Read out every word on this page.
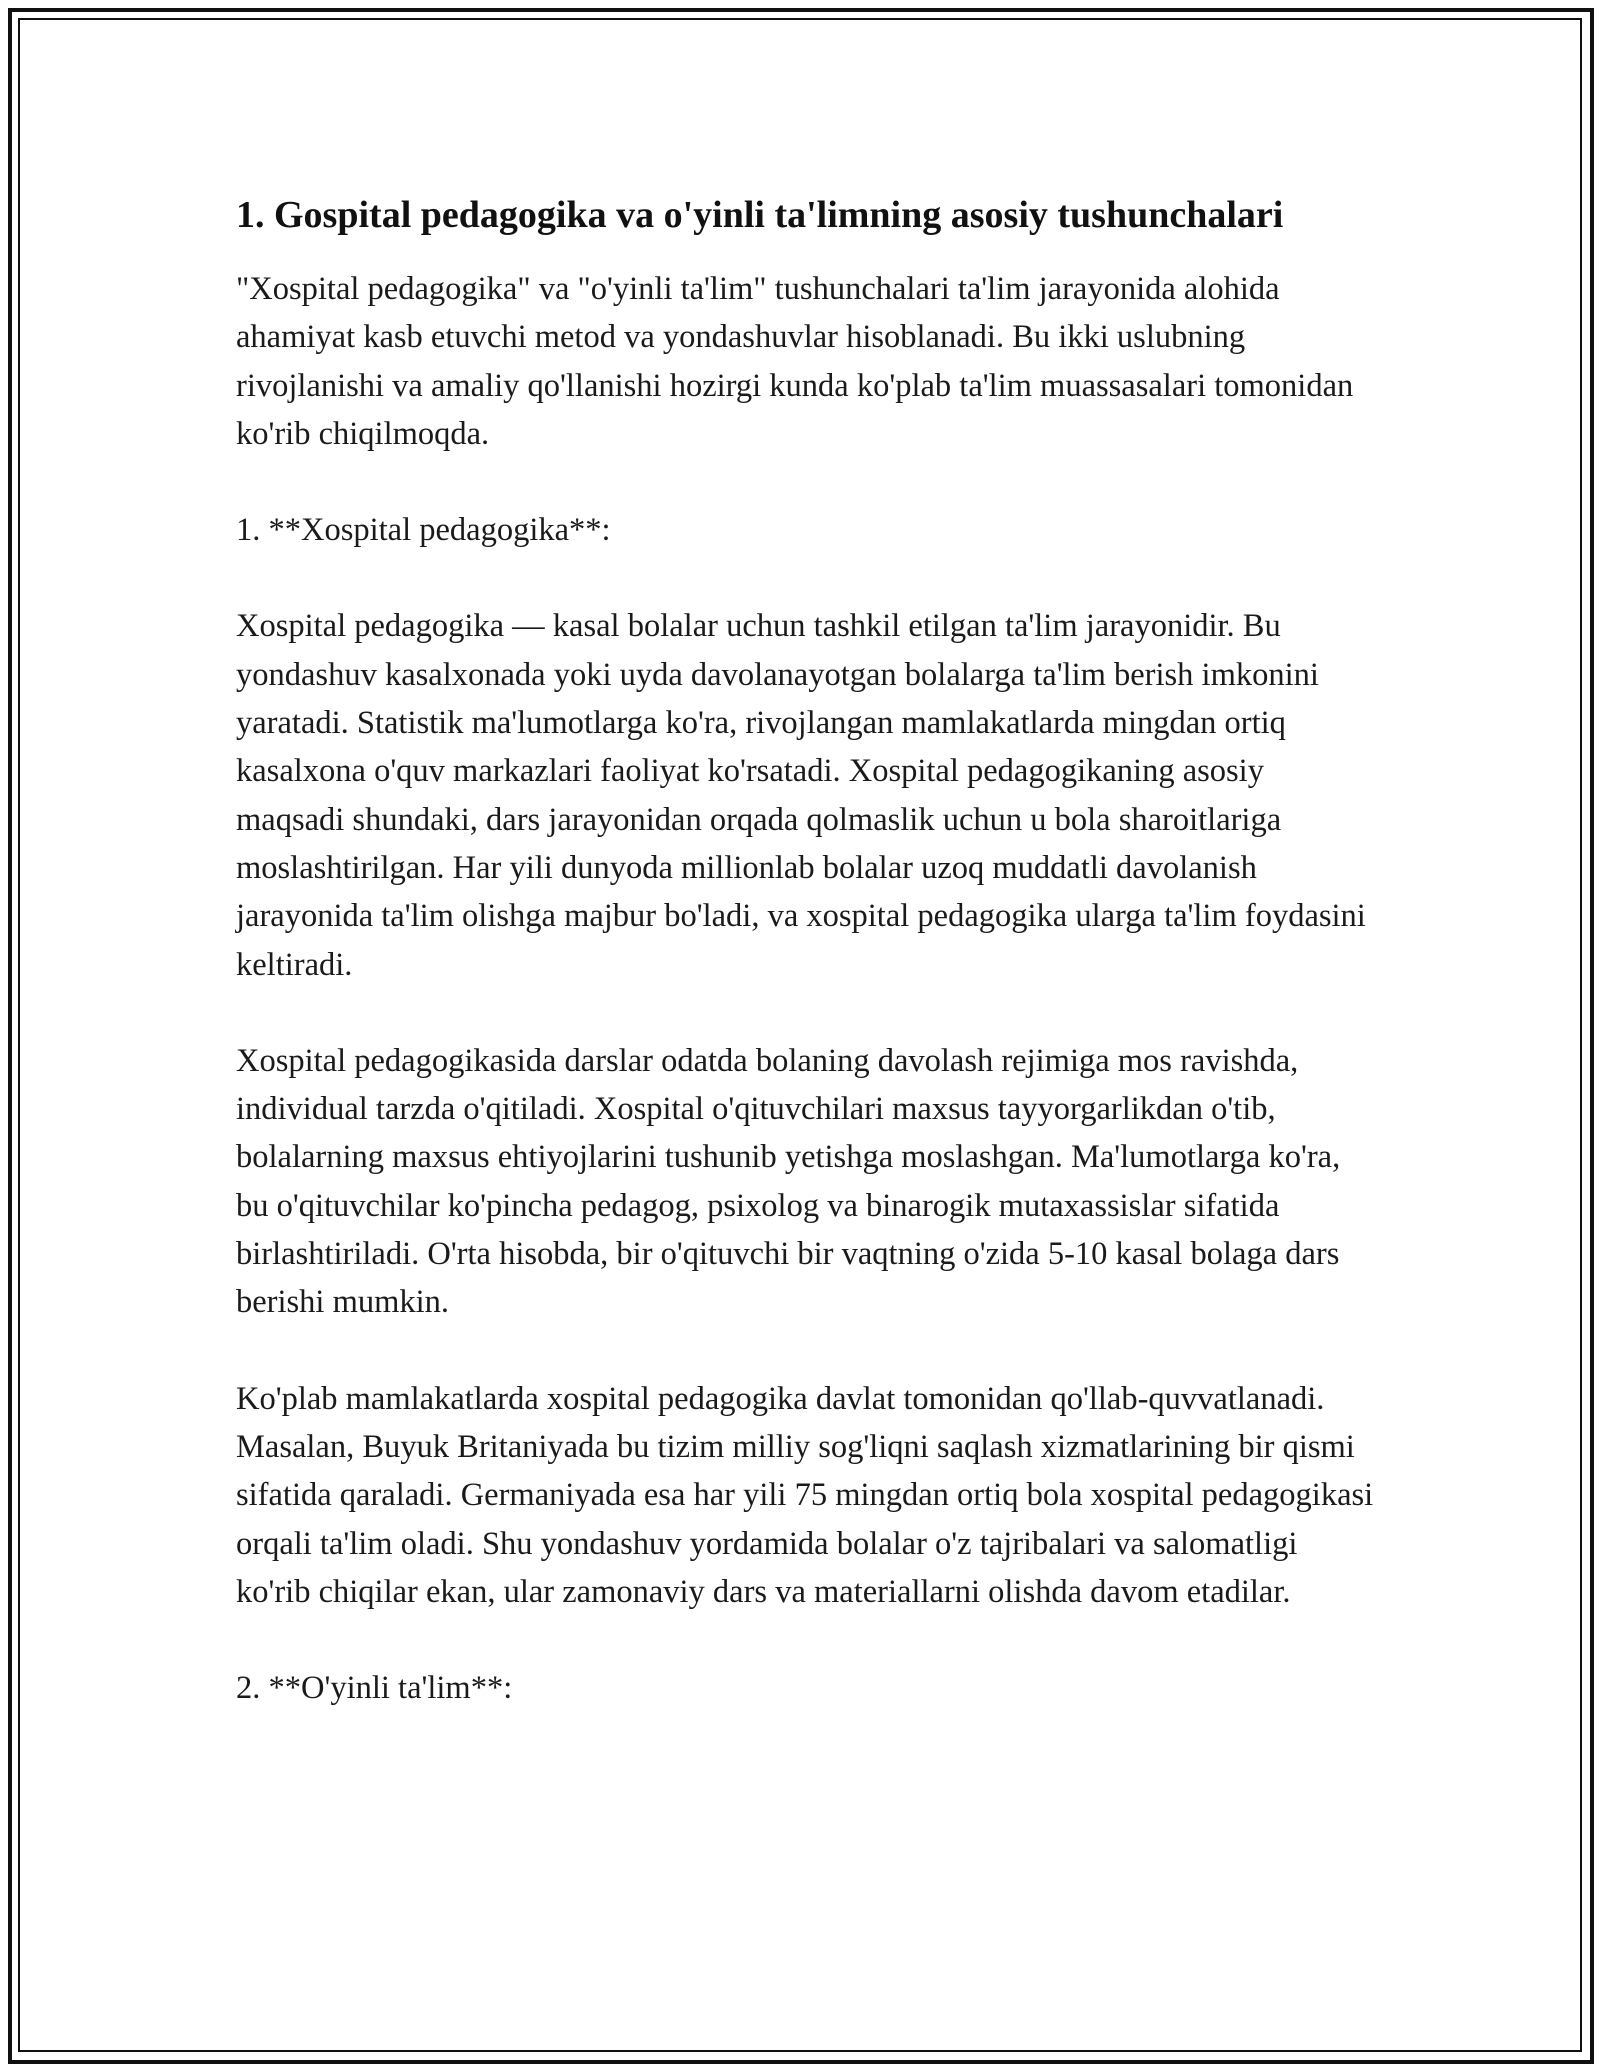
1. Gospital pedagogika va o'yinli ta'limning asosiy tushunchalari

"Xospital pedagogika" va "o'yinli ta'lim" tushunchalari ta'lim jarayonida alohida ahamiyat kasb etuvchi metod va yondashuvlar hisoblanadi. Bu ikki uslubning rivojlanishi va amaliy qo'llanishi hozirgi kunda ko'plab ta'lim muassasalari tomonidan ko'rib chiqilmoqda.

1. **Xospital pedagogika**:

Xospital pedagogika — kasal bolalar uchun tashkil etilgan ta'lim jarayonidir. Bu yondashuv kasalxonada yoki uyda davolanayotgan bolalarga ta'lim berish imkonini yaratadi. Statistik ma'lumotlarga ko'ra, rivojlangan mamlakatlarda mingdan ortiq kasalxona o'quv markazlari faoliyat ko'rsatadi. Xospital pedagogikaning asosiy maqsadi shundaki, dars jarayonidan orqada qolmaslik uchun u bola sharoitlariga moslashtirilgan. Har yili dunyoda millionlab bolalar uzoq muddatli davolanish jarayonida ta'lim olishga majbur bo'ladi, va xospital pedagogika ularga ta'lim foydasini keltiradi.

Xospital pedagogikasida darslar odatda bolaning davolash rejimiga mos ravishda, individual tarzda o'qitiladi. Xospital o'qituvchilari maxsus tayyorgarlikdan o'tib, bolalarning maxsus ehtiyojlarini tushunib yetishga moslashgan. Ma'lumotlarga ko'ra, bu o'qituvchilar ko'pincha pedagog, psixolog va binarogik mutaxassislar sifatida birlashtiriladi. O'rta hisobda, bir o'qituvchi bir vaqtning o'zida 5-10 kasal bolaga dars berishi mumkin.

Ko'plab mamlakatlarda xospital pedagogika davlat tomonidan qo'llab-quvvatlanadi. Masalan, Buyuk Britaniyada bu tizim milliy sog'liqni saqlash xizmatlarining bir qismi sifatida qaraladi. Germaniyada esa har yili 75 mingdan ortiq bola xospital pedagogikasi orqali ta'lim oladi. Shu yondashuv yordamida bolalar o'z tajribalari va salomatligi ko'rib chiqilar ekan, ular zamonaviy dars va materiallarni olishda davom etadilar.

2. **O'yinli ta'lim**:
